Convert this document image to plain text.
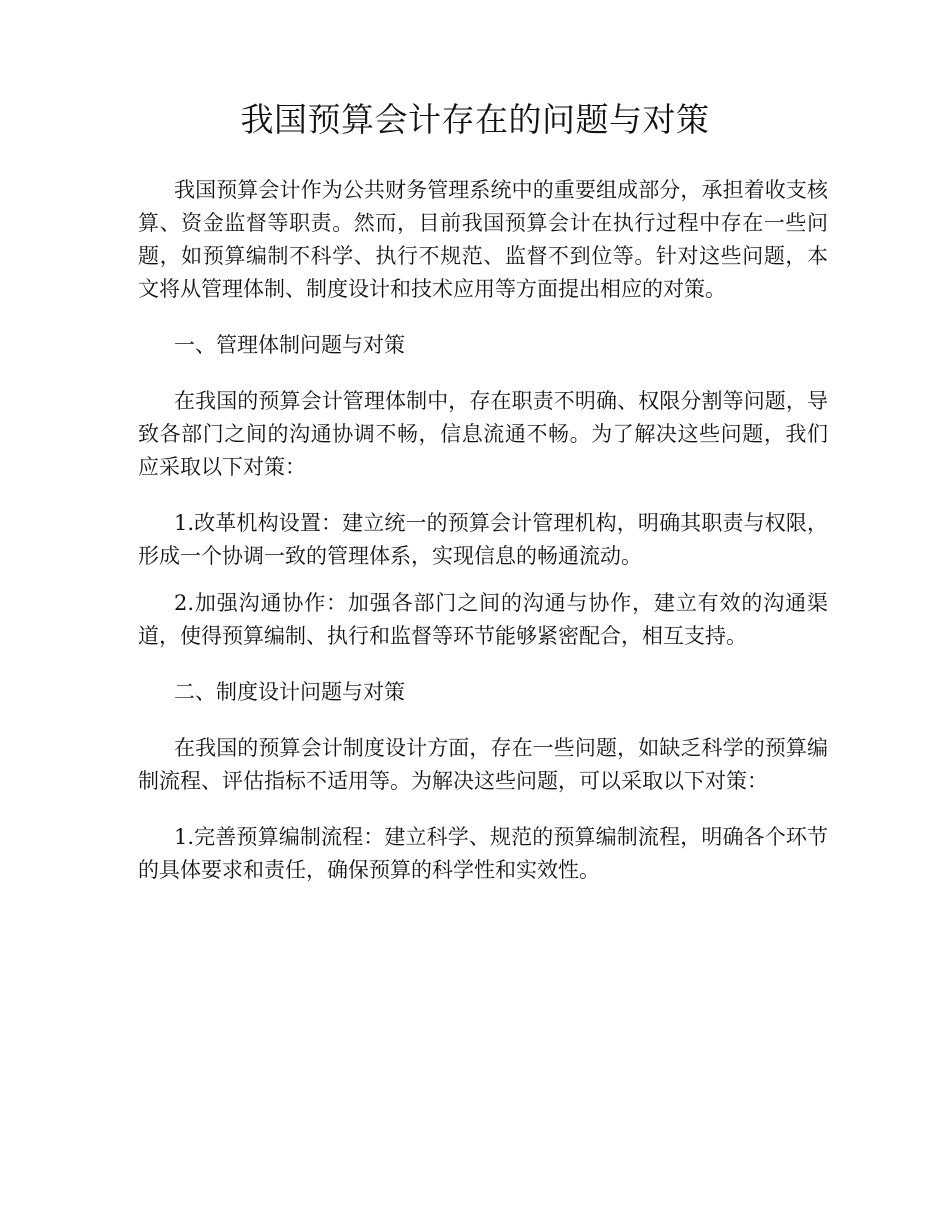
我国预算会计存在的问题与对策

我国预算会计作为公共财务管理系统中的重要组成部分，承担着收支核算、资金监督等职责。然而，目前我国预算会计在执行过程中存在一些问题，如预算编制不科学、执行不规范、监督不到位等。针对这些问题，本文将从管理体制、制度设计和技术应用等方面提出相应的对策。

一、管理体制问题与对策

在我国的预算会计管理体制中，存在职责不明确、权限分割等问题，导致各部门之间的沟通协调不畅，信息流通不畅。为了解决这些问题，我们应采取以下对策：

1.改革机构设置：建立统一的预算会计管理机构，明确其职责与权限，形成一个协调一致的管理体系，实现信息的畅通流动。

2.加强沟通协作：加强各部门之间的沟通与协作，建立有效的沟通渠道，使得预算编制、执行和监督等环节能够紧密配合，相互支持。

二、制度设计问题与对策

在我国的预算会计制度设计方面，存在一些问题，如缺乏科学的预算编制流程、评估指标不适用等。为解决这些问题，可以采取以下对策：

1.完善预算编制流程：建立科学、规范的预算编制流程，明确各个环节的具体要求和责任，确保预算的科学性和实效性。
